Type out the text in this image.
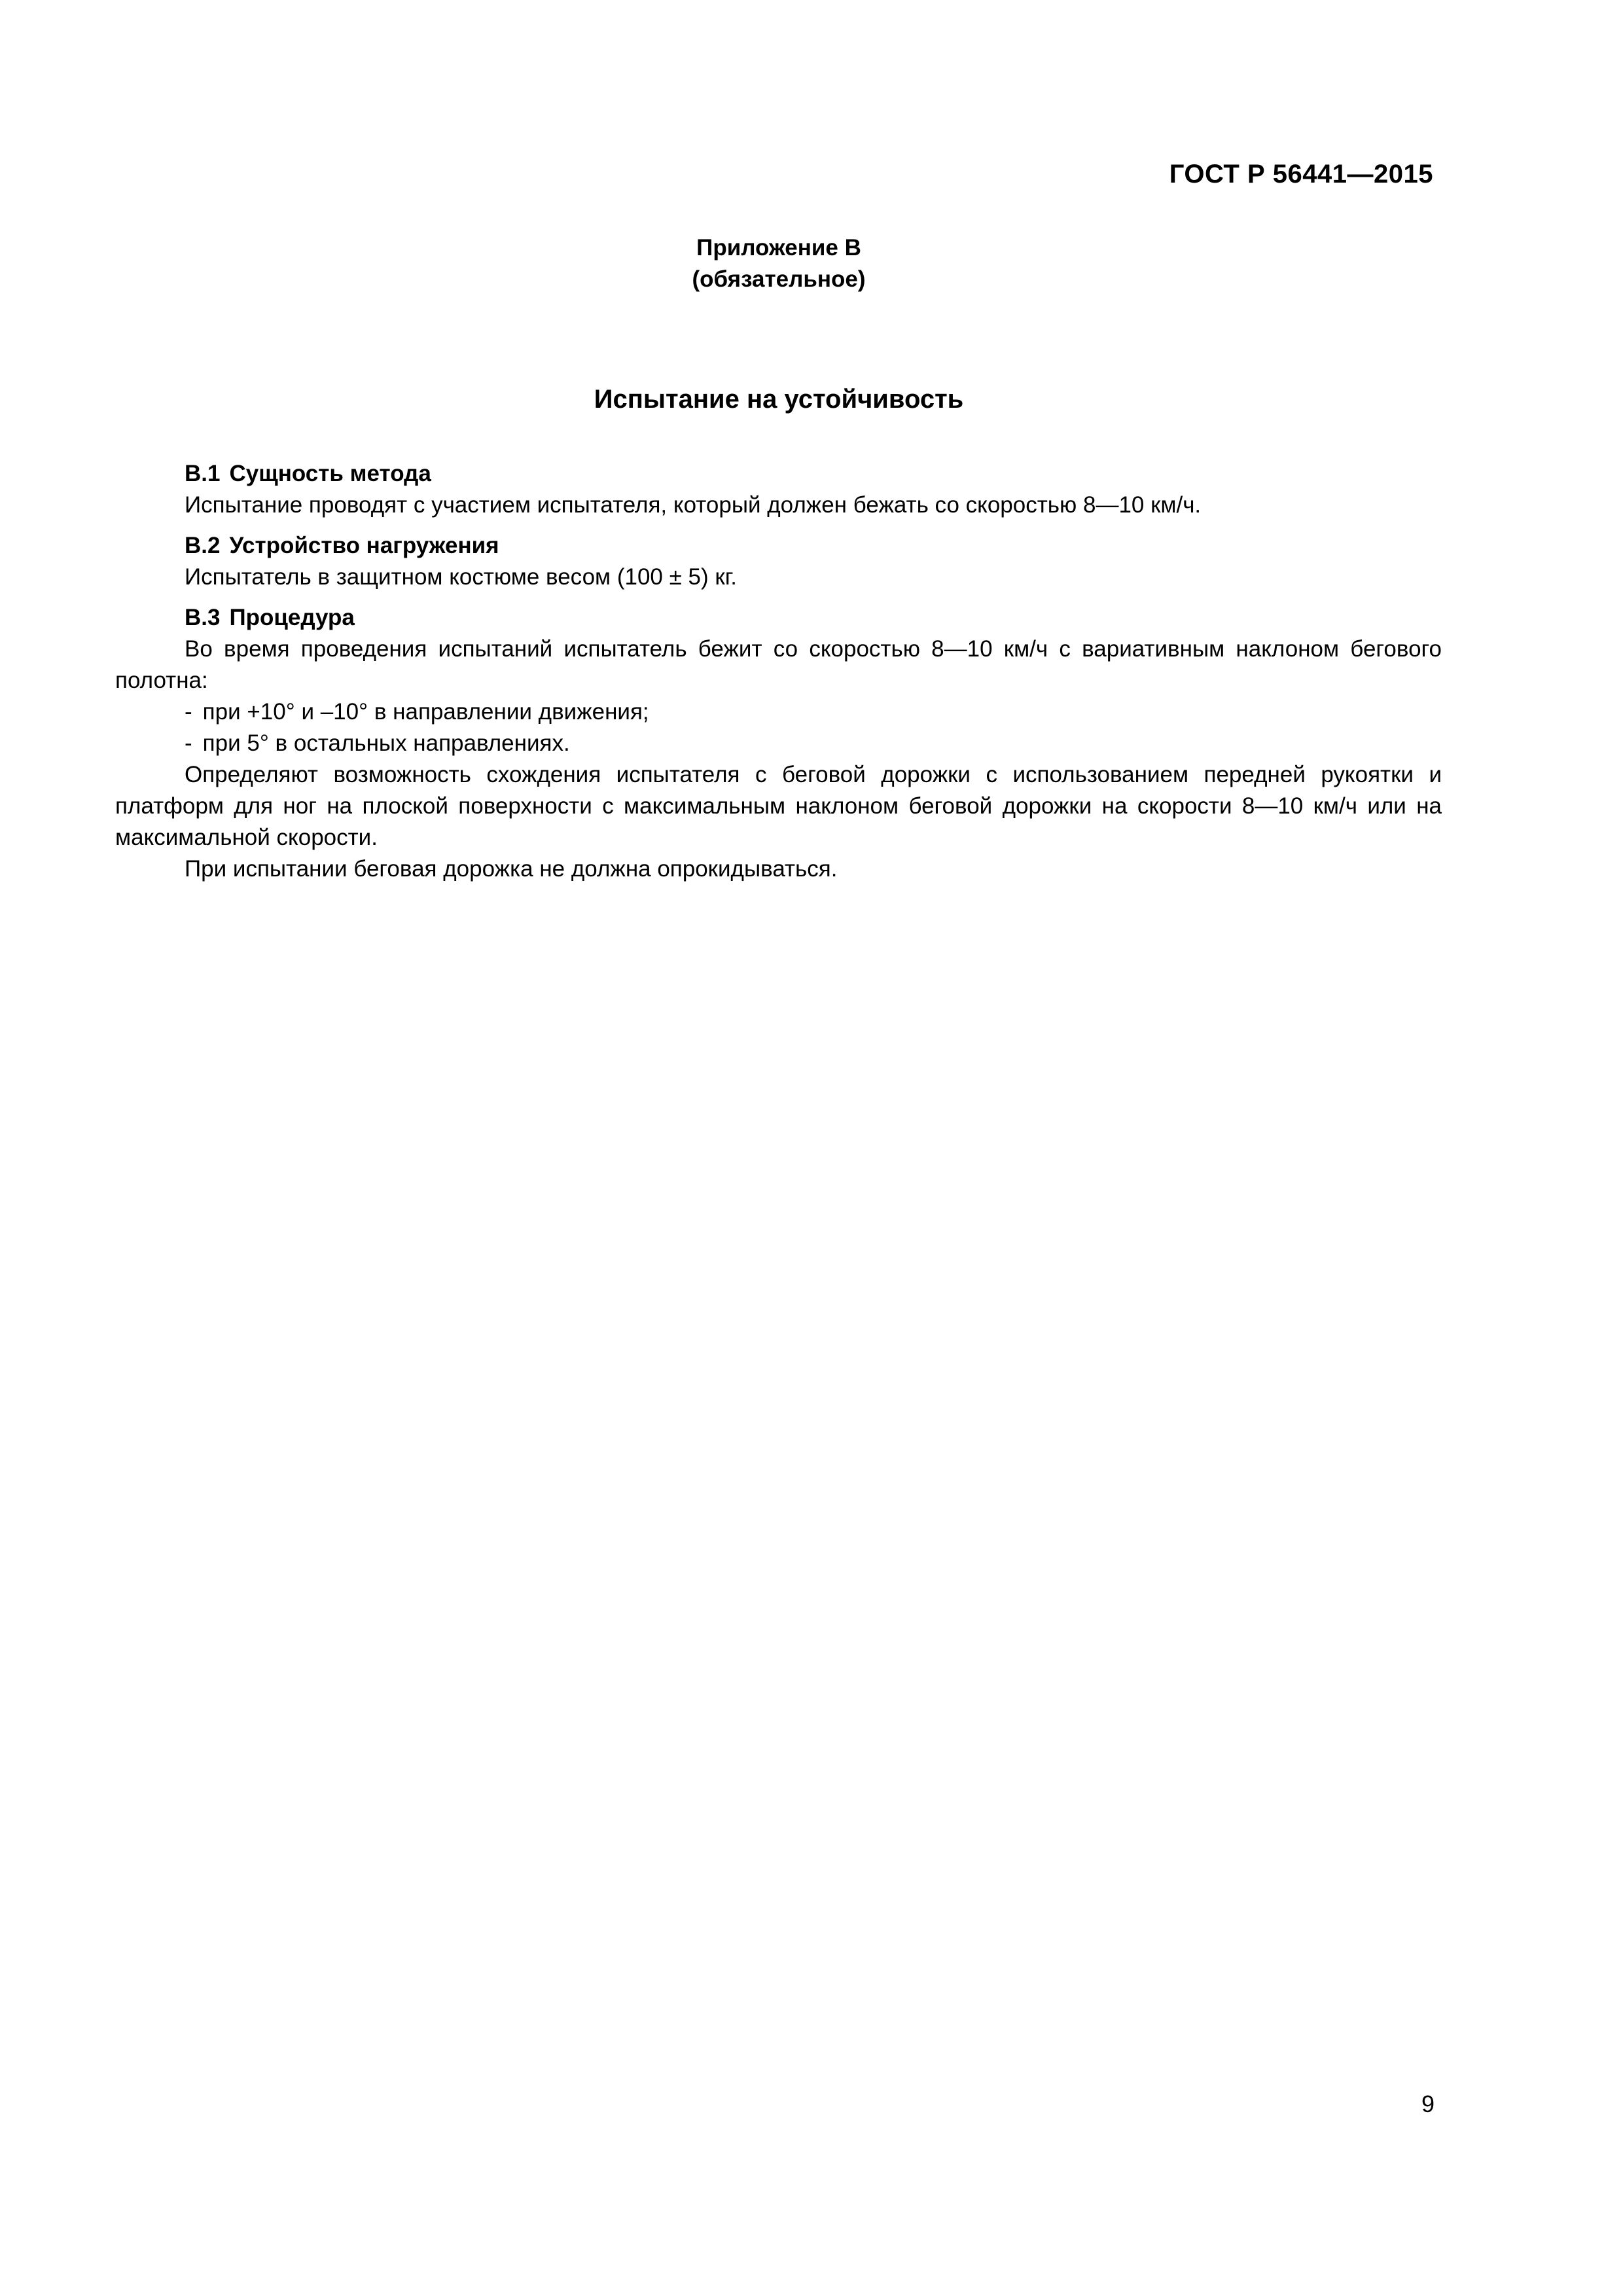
ГОСТ Р 56441—2015
Приложение В
(обязательное)
Испытание на устойчивость
В.1 Сущность метода
Испытание проводят с участием испытателя, который должен бежать со скоростью 8—10 км/ч.
В.2 Устройство нагружения
Испытатель в защитном костюме весом (100 ± 5) кг.
В.3 Процедура
Во время проведения испытаний испытатель бежит со скоростью 8—10 км/ч с вариативным наклоном бегового полотна:
- при +10° и –10° в направлении движения;
- при 5° в остальных направлениях.
Определяют возможность схождения испытателя с беговой дорожки с использованием передней рукоятки и платформ для ног на плоской поверхности с максимальным наклоном беговой дорожки на скорости 8—10 км/ч или на максимальной скорости.
При испытании беговая дорожка не должна опрокидываться.
9
